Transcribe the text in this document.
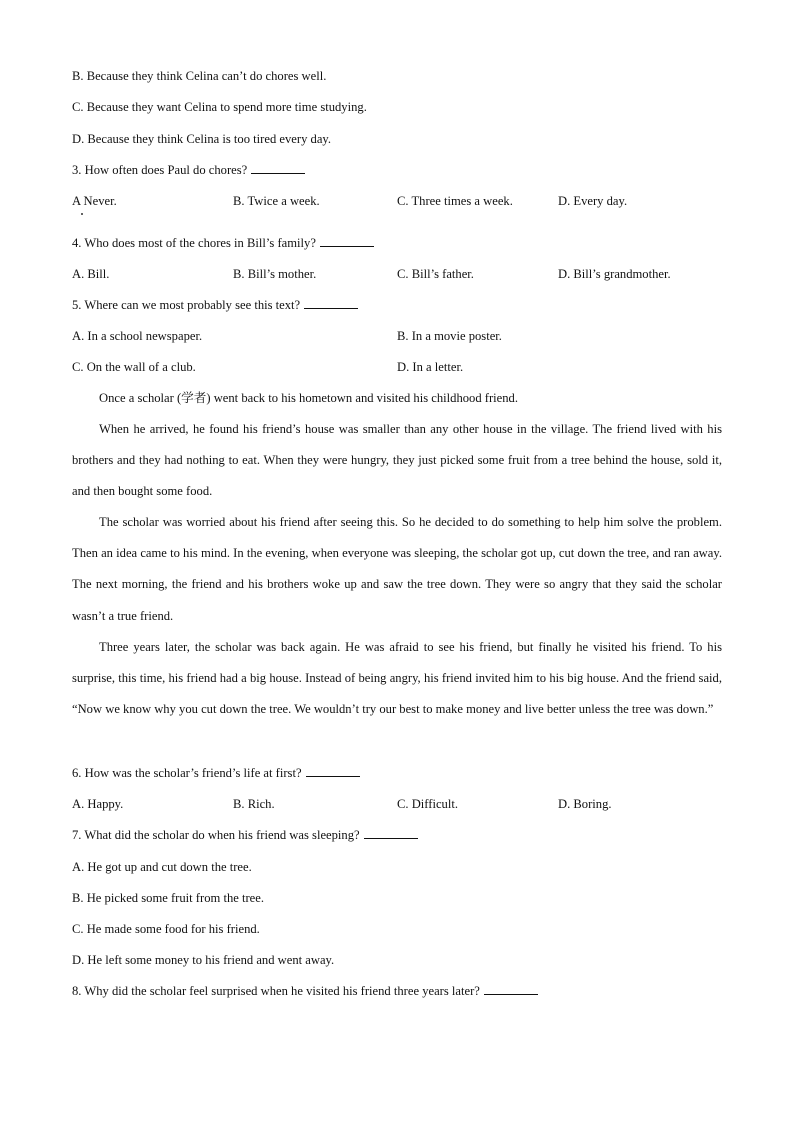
B. Because they think Celina can’t do chores well.
C. Because they want Celina to spend more time studying.
D. Because they think Celina is too tired every day.
3. How often does Paul do chores?
A Never.	B. Twice a week.	C. Three times a week.	D. Every day.
4. Who does most of the chores in Bill’s family?
A. Bill.	B. Bill’s mother.	C. Bill’s father.	D. Bill’s grandmother.
5. Where can we most probably see this text?
A. In a school newspaper.	B. In a movie poster.
C. On the wall of a club.	D. In a letter.
Once a scholar (学者) went back to his hometown and visited his childhood friend.
When he arrived, he found his friend’s house was smaller than any other house in the village. The friend lived with his brothers and they had nothing to eat. When they were hungry, they just picked some fruit from a tree behind the house, sold it, and then bought some food.
The scholar was worried about his friend after seeing this. So he decided to do something to help him solve the problem. Then an idea came to his mind. In the evening, when everyone was sleeping, the scholar got up, cut down the tree, and ran away. The next morning, the friend and his brothers woke up and saw the tree down. They were so angry that they said the scholar wasn’t a true friend.
Three years later, the scholar was back again. He was afraid to see his friend, but finally he visited his friend. To his surprise, this time, his friend had a big house. Instead of being angry, his friend invited him to his big house. And the friend said, “Now we know why you cut down the tree. We wouldn’t try our best to make money and live better unless the tree was down.”
6. How was the scholar’s friend’s life at first?
A. Happy.	B. Rich.	C. Difficult.	D. Boring.
7. What did the scholar do when his friend was sleeping?
A. He got up and cut down the tree.
B. He picked some fruit from the tree.
C. He made some food for his friend.
D. He left some money to his friend and went away.
8. Why did the scholar feel surprised when he visited his friend three years later?
